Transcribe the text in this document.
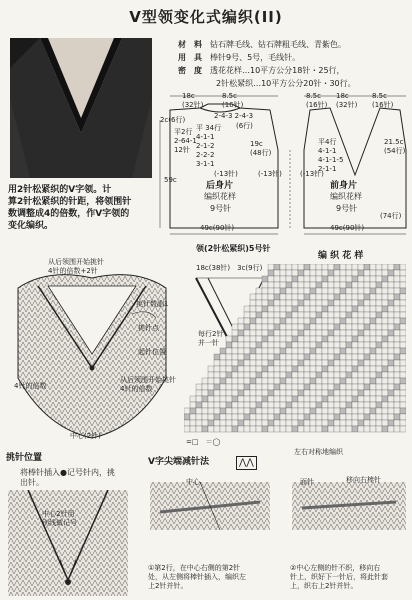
V型领变化式编织(II)
材　料　 钻石牌毛线、钻石牌粗毛线、青紫色。
用　具　 棒针9号、5号，毛线针。
密　度　 透花花样…10平方公分18针・25行，
2针松紧织…10平方公分20针・30行。
18c
(32针)
8.5c
(16针)
2-4-3 2-4-3
(6行)
2c(6行)
平 34行
4-1-1
2-1-2
2-2-2
3-1-1
平2行
2-64-1
12针
19c
(48行)
59c
(-13针)	(-13针)
后身片
编织花样
9号针
49c(90针)
8.5c
(16针)
18c
(32针)
8.5c
(16针)
平4行
4-1-1
4-1-1-5
2-1-1
21.5c
(54行)
(-13针)
前身片
编织花样
9号针
(74行)
49c(90针)
用2针松紧织的V字领。计
算2针松紧织的针距，将领围针
数调整成4的倍数，作V字领的
变化编织。
从后领围开始挑针
4针的倍数+2针
挑针数副1
挑针点
起针位置
4针的倍数
从后领围开始挑针
4针的倍数
中心(2针)
领(2针松紧织)5号针
18c(38针)　 3c(9行)

每行2针
并一针
编 织 花 样
=□　 ＝◯
左右对称地编织
挑针位置
将棒针插入●记号针内，挑
出针。
中心2针用
别线做记号
V字尖端减针法	⋀⋀
中心	面针	移向右棒针
①第2行，在中心右侧的第2针
处，从左侧将棒针插入，编织左
上2针并针。
②中心左侧的针不织，移向右
针上，织好下一针后，将此针套
上，织右上2针并针。
